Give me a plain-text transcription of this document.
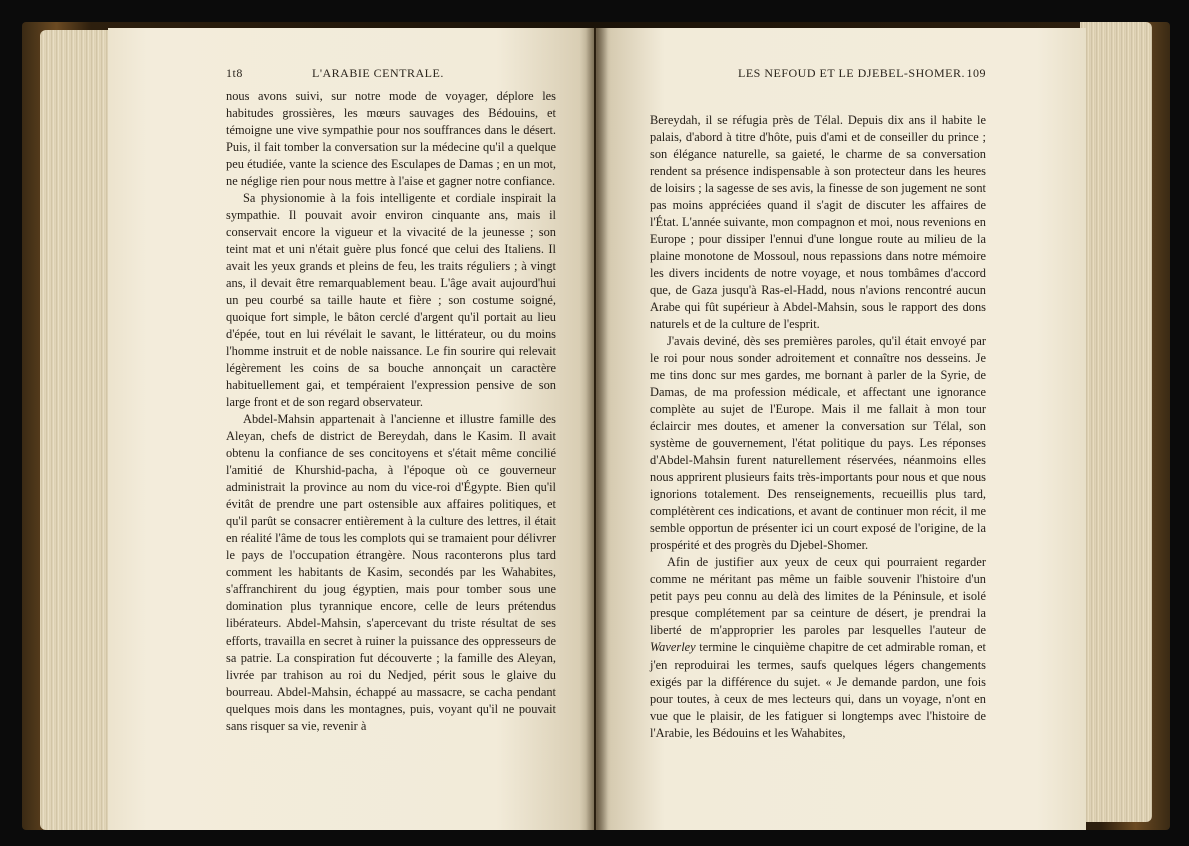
1t8	L'ARABIE CENTRALE.	LES NEFOUD ET LE DJEBEL-SHOMER. 109

nous avons suivi, sur notre mode de voyager, déplore les habitudes grossières, les mœurs sauvages des Bédouins, et témoigne une vive sympathie pour nos souffrances dans le désert. Puis, il fait tomber la conversation sur la médecine qu'il a quelque peu étudiée, vante la science des Esculapes de Damas ; en un mot, ne néglige rien pour nous mettre à l'aise et gagner notre confiance.

Sa physionomie à la fois intelligente et cordiale inspirait la sympathie. Il pouvait avoir environ cinquante ans, mais il conservait encore la vigueur et la vivacité de la jeunesse ; son teint mat et uni n'était guère plus foncé que celui des Italiens. Il avait les yeux grands et pleins de feu, les traits réguliers ; à vingt ans, il devait être remarquablement beau. L'âge avait aujourd'hui un peu courbé sa taille haute et fière ; son costume soigné, quoique fort simple, le bâton cerclé d'argent qu'il portait au lieu d'épée, tout en lui révélait le savant, le littérateur, ou du moins l'homme instruit et de noble naissance. Le fin sourire qui relevait légèrement les coins de sa bouche annonçait un caractère habituellement gai, et tempéraient l'expression pensive de son large front et de son regard observateur.

Abdel-Mahsin appartenait à l'ancienne et illustre famille des Aleyan, chefs de district de Bereydah, dans le Kasim. Il avait obtenu la confiance de ses concitoyens et s'était même concilié l'amitié de Khurshid-pacha, à l'époque où ce gouverneur administrait la province au nom du vice-roi d'Égypte. Bien qu'il évitât de prendre une part ostensible aux affaires politiques, et qu'il parût se consacrer entièrement à la culture des lettres, il était en réalité l'âme de tous les complots qui se tramaient pour délivrer le pays de l'occupation étrangère. Nous raconterons plus tard comment les habitants de Kasim, secondés par les Wahabites, s'affranchirent du joug égyptien, mais pour tomber sous une domination plus tyrannique encore, celle de leurs prétendus libérateurs. Abdel-Mahsin, s'apercevant du triste résultat de ses efforts, travailla en secret à ruiner la puissance des oppresseurs de sa patrie. La conspiration fut découverte ; la famille des Aleyan, livrée par trahison au roi du Nedjed, périt sous le glaive du bourreau. Abdel-Mahsin, échappé au massacre, se cacha pendant quelques mois dans les montagnes, puis, voyant qu'il ne pouvait sans risquer sa vie, revenir à

Bereydah, il se réfugia près de Télal. Depuis dix ans il habite le palais, d'abord à titre d'hôte, puis d'ami et de conseiller du prince ; son élégance naturelle, sa gaieté, le charme de sa conversation rendent sa présence indispensable à son protecteur dans les heures de loisirs ; la sagesse de ses avis, la finesse de son jugement ne sont pas moins appréciées quand il s'agit de discuter les affaires de l'État. L'année suivante, mon compagnon et moi, nous revenions en Europe ; pour dissiper l'ennui d'une longue route au milieu de la plaine monotone de Mossoul, nous repassions dans notre mémoire les divers incidents de notre voyage, et nous tombâmes d'accord que, de Gaza jusqu'à Ras-el-Hadd, nous n'avions rencontré aucun Arabe qui fût supérieur à Abdel-Mahsin, sous le rapport des dons naturels et de la culture de l'esprit.

J'avais deviné, dès ses premières paroles, qu'il était envoyé par le roi pour nous sonder adroitement et connaître nos desseins. Je me tins donc sur mes gardes, me bornant à parler de la Syrie, de Damas, de ma profession médicale, et affectant une ignorance complète au sujet de l'Europe. Mais il me fallait à mon tour éclaircir mes doutes, et amener la conversation sur Télal, son système de gouvernement, l'état politique du pays. Les réponses d'Abdel-Mahsin furent naturellement réservées, néanmoins elles nous apprirent plusieurs faits très-importants pour nous et que nous ignorions totalement. Des renseignements, recueillis plus tard, complétèrent ces indications, et avant de continuer mon récit, il me semble opportun de présenter ici un court exposé de l'origine, de la prospérité et des progrès du Djebel-Shomer.

Afin de justifier aux yeux de ceux qui pourraient regarder comme ne méritant pas même un faible souvenir l'histoire d'un petit pays peu connu au delà des limites de la Péninsule, et isolé presque complétement par sa ceinture de désert, je prendrai la liberté de m'approprier les paroles par lesquelles l'auteur de Waverley termine le cinquième chapitre de cet admirable roman, et j'en reproduirai les termes, saufs quelques légers changements exigés par la différence du sujet. « Je demande pardon, une fois pour toutes, à ceux de mes lecteurs qui, dans un voyage, n'ont en vue que le plaisir, de les fatiguer si longtemps avec l'histoire de l'Arabie, les Bédouins et les Wahabites,
